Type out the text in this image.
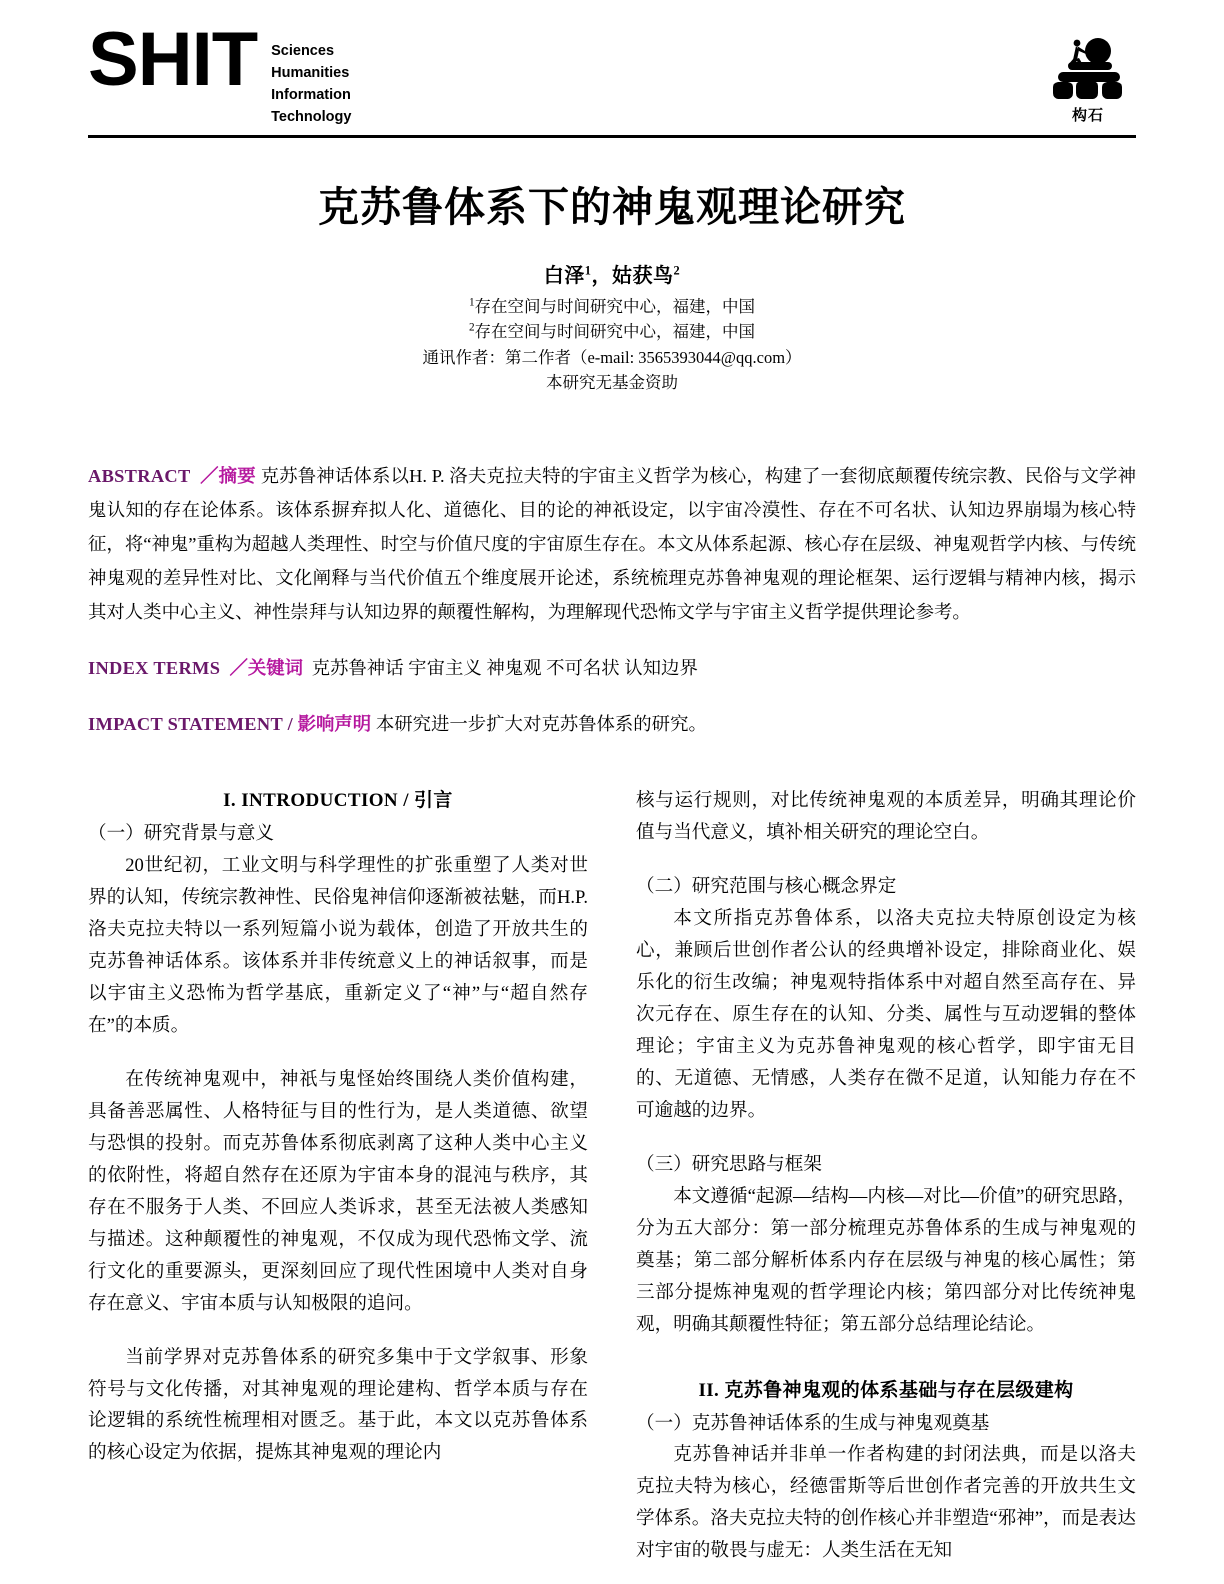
SHIT Sciences
Humanities
Information
Technology	构石
克苏鲁体系下的神鬼观理论研究
白泽$^1$，姑获鸟$^2$
$^1$存在空间与时间研究中心，福建，中国
$^2$存在空间与时间研究中心，福建，中国
通讯作者：第二作者（e-mail: 3565393044@qq.com）
本研究无基金资助

ABSTRACT ／摘要 克苏鲁神话体系以H. P. 洛夫克拉夫特的宇宙主义哲学为核心，构建了一套彻底颠覆传统宗教、民俗与文学神鬼认知的存在论体系。该体系摒弃拟人化、道德化、目的论的神祇设定，以宇宙冷漠性、存在不可名状、认知边界崩塌为核心特征，将“神鬼”重构为超越人类理性、时空与价值尺度的宇宙原生存在。本文从体系起源、核心存在层级、神鬼观哲学内核、与传统神鬼观的差异性对比、文化阐释与当代价值五个维度展开论述，系统梳理克苏鲁神鬼观的理论框架、运行逻辑与精神内核，揭示其对人类中心主义、神性崇拜与认知边界的颠覆性解构，为理解现代恐怖文学与宇宙主义哲学提供理论参考。

INDEX TERMS ／关键词 克苏鲁神话 宇宙主义 神鬼观 不可名状 认知边界

IMPACT STATEMENT / 影响声明 本研究进一步扩大对克苏鲁体系的研究。

I. INTRODUCTION / 引言

（一）研究背景与意义

20世纪初，工业文明与科学理性的扩张重塑了人类对世界的认知，传统宗教神性、民俗鬼神信仰逐渐被祛魅，而H.P.洛夫克拉夫特以一系列短篇小说为载体，创造了开放共生的克苏鲁神话体系。该体系并非传统意义上的神话叙事，而是以宇宙主义恐怖为哲学基底，重新定义了“神”与“超自然存在”的本质。

在传统神鬼观中，神祇与鬼怪始终围绕人类价值构建，具备善恶属性、人格特征与目的性行为，是人类道德、欲望与恐惧的投射。而克苏鲁体系彻底剥离了这种人类中心主义的依附性，将超自然存在还原为宇宙本身的混沌与秩序，其存在不服务于人类、不回应人类诉求，甚至无法被人类感知与描述。这种颠覆性的神鬼观，不仅成为现代恐怖文学、流行文化的重要源头，更深刻回应了现代性困境中人类对自身存在意义、宇宙本质与认知极限的追问。

当前学界对克苏鲁体系的研究多集中于文学叙事、形象符号与文化传播，对其神鬼观的理论建构、哲学本质与存在论逻辑的系统性梳理相对匮乏。基于此，本文以克苏鲁体系的核心设定为依据，提炼其神鬼观的理论内

核与运行规则，对比传统神鬼观的本质差异，明确其理论价值与当代意义，填补相关研究的理论空白。

（二）研究范围与核心概念界定

本文所指克苏鲁体系，以洛夫克拉夫特原创设定为核心，兼顾后世创作者公认的经典增补设定，排除商业化、娱乐化的衍生改编；神鬼观特指体系中对超自然至高存在、异次元存在、原生存在的认知、分类、属性与互动逻辑的整体理论；宇宙主义为克苏鲁神鬼观的核心哲学，即宇宙无目的、无道德、无情感，人类存在微不足道，认知能力存在不可逾越的边界。

（三）研究思路与框架

本文遵循“起源—结构—内核—对比—价值”的研究思路，分为五大部分：第一部分梳理克苏鲁体系的生成与神鬼观的奠基；第二部分解析体系内存在层级与神鬼的核心属性；第三部分提炼神鬼观的哲学理论内核；第四部分对比传统神鬼观，明确其颠覆性特征；第五部分总结理论结论。

II. 克苏鲁神鬼观的体系基础与存在层级建构

（一）克苏鲁神话体系的生成与神鬼观奠基

克苏鲁神话并非单一作者构建的封闭法典，而是以洛夫克拉夫特为核心，经德雷斯等后世创作者完善的开放共生文学体系。洛夫克拉夫特的创作核心并非塑造“邪神”，而是表达对宇宙的敬畏与虚无：人类生活在无知
